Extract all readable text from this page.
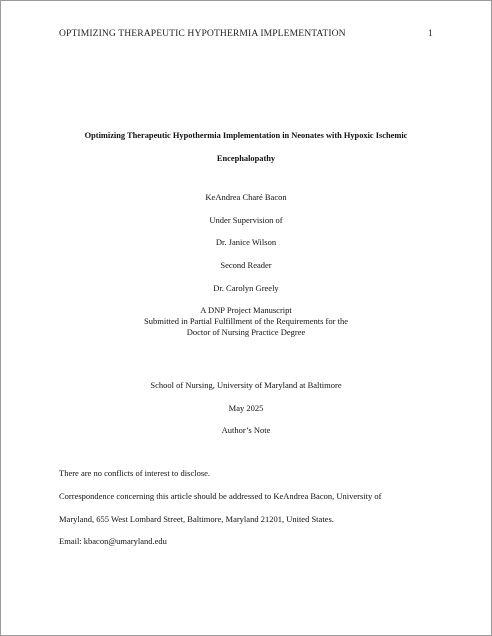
OPTIMIZING THERAPEUTIC HYPOTHERMIA IMPLEMENTATION	1
Optimizing Therapeutic Hypothermia Implementation in Neonates with Hypoxic Ischemic
Encephalopathy
KeAndrea Charé Bacon
Under Supervision of
Dr. Janice Wilson
Second Reader
Dr. Carolyn Greely
A DNP Project Manuscript
Submitted in Partial Fulfillment of the Requirements for the
Doctor of Nursing Practice Degree
School of Nursing, University of Maryland at Baltimore
May 2025
Author’s Note
There are no conflicts of interest to disclose.
Correspondence concerning this article should be addressed to KeAndrea Bacon, University of
Maryland, 655 West Lombard Street, Baltimore, Maryland 21201, United States.
Email: kbacon@umaryland.edu
